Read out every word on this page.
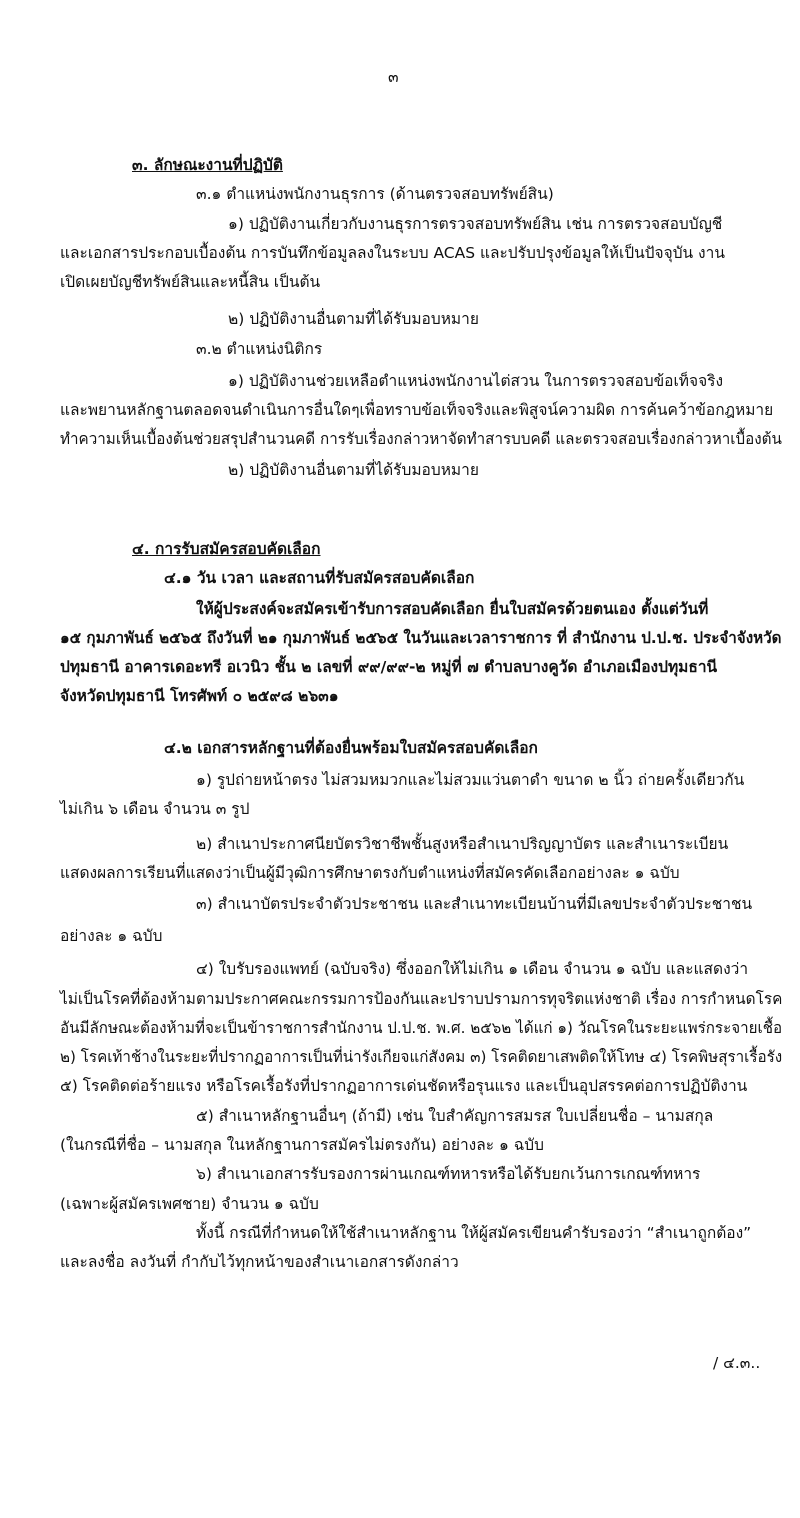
๓
๓. ลักษณะงานที่ปฏิบัติ
๓.๑ ตำแหน่งพนักงานธุรการ (ด้านตรวจสอบทรัพย์สิน)
๑) ปฏิบัติงานเกี่ยวกับงานธุรการตรวจสอบทรัพย์สิน เช่น การตรวจสอบบัญชี
และเอกสารประกอบเบื้องต้น การบันทึกข้อมูลลงในระบบ ACAS และปรับปรุงข้อมูลให้เป็นปัจจุบัน งาน
เปิดเผยบัญชีทรัพย์สินและหนี้สิน เป็นต้น
๒) ปฏิบัติงานอื่นตามที่ได้รับมอบหมาย
๓.๒ ตำแหน่งนิติกร
๑) ปฏิบัติงานช่วยเหลือตำแหน่งพนักงานไต่สวน ในการตรวจสอบข้อเท็จจริง
และพยานหลักฐานตลอดจนดำเนินการอื่นใดๆเพื่อทราบข้อเท็จจริงและพิสูจน์ความผิด การค้นคว้าข้อกฎหมาย
ทำความเห็นเบื้องต้นช่วยสรุปสำนวนคดี การรับเรื่องกล่าวหาจัดทำสารบบคดี และตรวจสอบเรื่องกล่าวหาเบื้องต้น
๒) ปฏิบัติงานอื่นตามที่ได้รับมอบหมาย
๔. การรับสมัครสอบคัดเลือก
๔.๑ วัน เวลา และสถานที่รับสมัครสอบคัดเลือก
ให้ผู้ประสงค์จะสมัครเข้ารับการสอบคัดเลือก ยื่นใบสมัครด้วยตนเอง ตั้งแต่วันที่
๑๕ กุมภาพันธ์ ๒๕๖๕ ถึงวันที่ ๒๑ กุมภาพันธ์ ๒๕๖๕ ในวันและเวลาราชการ ที่ สำนักงาน ป.ป.ช. ประจำจังหวัด
ปทุมธานี อาคารเดอะทรี อเวนิว ชั้น ๒ เลขที่ ๙๙/๙๙-๒ หมู่ที่ ๗ ตำบลบางคูวัด อำเภอเมืองปทุมธานี
จังหวัดปทุมธานี โทรศัพท์ ๐ ๒๕๙๘ ๒๖๓๑
๔.๒ เอกสารหลักฐานที่ต้องยื่นพร้อมใบสมัครสอบคัดเลือก
๑) รูปถ่ายหน้าตรง ไม่สวมหมวกและไม่สวมแว่นตาดำ ขนาด ๒ นิ้ว ถ่ายครั้งเดียวกัน
ไม่เกิน ๖ เดือน จำนวน ๓ รูป
๒) สำเนาประกาศนียบัตรวิชาชีพชั้นสูงหรือสำเนาปริญญาบัตร และสำเนาระเบียน
แสดงผลการเรียนที่แสดงว่าเป็นผู้มีวุฒิการศึกษาตรงกับตำแหน่งที่สมัครคัดเลือกอย่างละ ๑ ฉบับ
๓) สำเนาบัตรประจำตัวประชาชน และสำเนาทะเบียนบ้านที่มีเลขประจำตัวประชาชน
อย่างละ ๑ ฉบับ
๔) ใบรับรองแพทย์ (ฉบับจริง) ซึ่งออกให้ไม่เกิน ๑ เดือน จำนวน ๑ ฉบับ และแสดงว่า
ไม่เป็นโรคที่ต้องห้ามตามประกาศคณะกรรมการป้องกันและปราบปรามการทุจริตแห่งชาติ เรื่อง การกำหนดโรค
อันมีลักษณะต้องห้ามที่จะเป็นข้าราชการสำนักงาน ป.ป.ช. พ.ศ. ๒๕๖๒ ได้แก่ ๑) วัณโรคในระยะแพร่กระจายเชื้อ
๒) โรคเท้าช้างในระยะที่ปรากฏอาการเป็นที่น่ารังเกียจแก่สังคม ๓) โรคติดยาเสพติดให้โทษ ๔) โรคพิษสุราเรื้อรัง
๕) โรคติดต่อร้ายแรง หรือโรคเรื้อรังที่ปรากฏอาการเด่นชัดหรือรุนแรง และเป็นอุปสรรคต่อการปฏิบัติงาน
๕) สำเนาหลักฐานอื่นๆ (ถ้ามี) เช่น ใบสำคัญการสมรส ใบเปลี่ยนชื่อ – นามสกุล
(ในกรณีที่ชื่อ – นามสกุล ในหลักฐานการสมัครไม่ตรงกัน) อย่างละ ๑ ฉบับ
๖) สำเนาเอกสารรับรองการผ่านเกณฑ์ทหารหรือได้รับยกเว้นการเกณฑ์ทหาร
(เฉพาะผู้สมัครเพศชาย) จำนวน ๑ ฉบับ
ทั้งนี้ กรณีที่กำหนดให้ใช้สำเนาหลักฐาน ให้ผู้สมัครเขียนคำรับรองว่า “สำเนาถูกต้อง”
และลงชื่อ ลงวันที่ กำกับไว้ทุกหน้าของสำเนาเอกสารดังกล่าว
/ ๔.๓..
